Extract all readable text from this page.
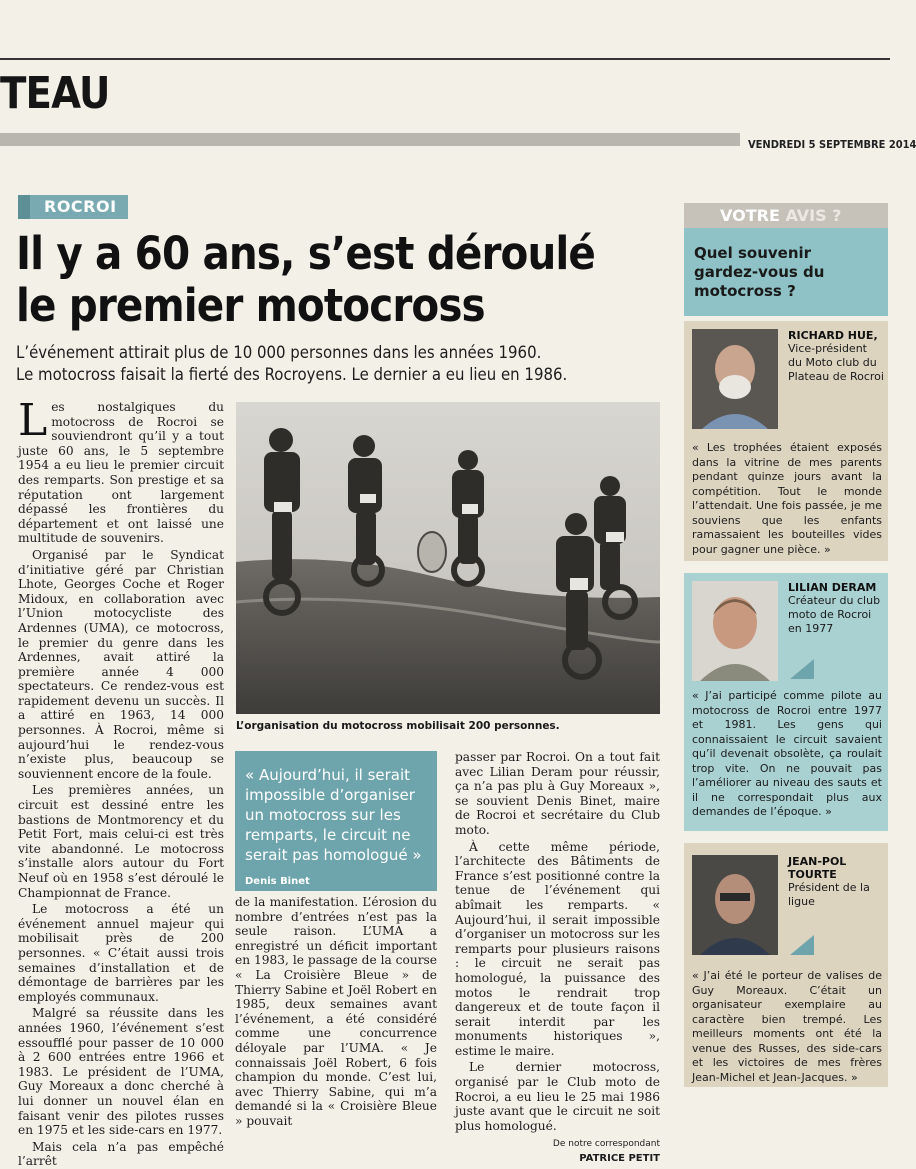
TEAU
VENDREDI 5 SEPTEMBRE 2014
ROCROI
Il y a 60 ans, s’est déroulé
le premier motocross
L’événement attirait plus de 10 000 personnes dans les années 1960.
Le motocross faisait la fierté des Rocroyens. Le dernier a eu lieu en 1986.

Les nostalgiques du motocross de Rocroi se souviendront qu’il y a tout juste 60 ans, le 5 septembre 1954 a eu lieu le premier circuit des remparts. Son prestige et sa réputation ont largement dépassé les frontières du département et ont laissé une multitude de souvenirs.

Organisé par le Syndicat d’initiative géré par Christian Lhote, Georges Coche et Roger Midoux, en collaboration avec l’Union motocycliste des Ardennes (UMA), ce motocross, le premier du genre dans les Ardennes, avait attiré la première année 4 000 spectateurs. Ce rendez-vous est rapidement devenu un succès. Il a attiré en 1963, 14 000 personnes. À Rocroi, même si aujourd’hui le rendez-vous n’existe plus, beaucoup se souviennent encore de la foule.

Les premières années, un circuit est dessiné entre les bastions de Montmorency et du Petit Fort, mais celui-ci est très vite abandonné. Le motocross s’installe alors autour du Fort Neuf où en 1958 s’est déroulé le Championnat de France.

Le motocross a été un événement annuel majeur qui mobilisait près de 200 personnes. « C’était aussi trois semaines d’installation et de démontage de barrières par les employés communaux.

Malgré sa réussite dans les années 1960, l’événement s’est essoufflé pour passer de 10 000 à 2 600 entrées entre 1966 et 1983. Le président de l’UMA, Guy Moreaux a donc cherché à lui donner un nouvel élan en faisant venir des pilotes russes en 1975 et les side-cars en 1977.

Mais cela n’a pas empêché l’arrêt

L’organisation du motocross mobilisait 200 personnes.
« Aujourd’hui, il serait impossible d’organiser un motocross sur les remparts, le circuit ne serait pas homologué »
Denis Binet

de la manifestation. L’érosion du nombre d’entrées n’est pas la seule raison. L’UMA a enregistré un déficit important en 1983, le passage de la course « La Croisière Bleue » de Thierry Sabine et Joël Robert en 1985, deux semaines avant l’événement, a été considéré comme une concurrence déloyale par l’UMA. « Je connaissais Joël Robert, 6 fois champion du monde. C’est lui, avec Thierry Sabine, qui m’a demandé si la « Croisière Bleue » pouvait

passer par Rocroi. On a tout fait avec Lilian Deram pour réussir, ça n’a pas plu à Guy Moreaux », se souvient Denis Binet, maire de Rocroi et secrétaire du Club moto.

À cette même période, l’architecte des Bâtiments de France s’est positionné contre la tenue de l’événement qui abîmait les remparts. « Aujourd’hui, il serait impossible d’organiser un motocross sur les remparts pour plusieurs raisons : le circuit ne serait pas homologué, la puissance des motos le rendrait trop dangereux et de toute façon il serait interdit par les monuments historiques », estime le maire.

Le dernier motocross, organisé par le Club moto de Rocroi, a eu lieu le 25 mai 1986 juste avant que le circuit ne soit plus homologué.

De notre correspondant
PATRICE PETIT
VOTRE AVIS ?
Quel souvenir gardez-vous du motocross ?
RICHARD HUE,
Vice-président du Moto club du Plateau de Rocroi
« Les trophées étaient exposés dans la vitrine de mes parents pendant quinze jours avant la compétition. Tout le monde l’attendait. Une fois passée, je me souviens que les enfants ramassaient les bouteilles vides pour gagner une pièce. »
LILIAN DERAM
Créateur du club moto de Rocroi en 1977
« J’ai participé comme pilote au motocross de Rocroi entre 1977 et 1981. Les gens qui connaissaient le circuit savaient qu’il devenait obsolète, ça roulait trop vite. On ne pouvait pas l’améliorer au niveau des sauts et il ne correspondait plus aux demandes de l’époque. »
JEAN-POL TOURTE
Président de la ligue
« J’ai été le porteur de valises de Guy Moreaux. C’était un organisateur exemplaire au caractère bien trempé. Les meilleurs moments ont été la venue des Russes, des side-cars et les victoires de mes frères Jean-Michel et Jean-Jacques. »
